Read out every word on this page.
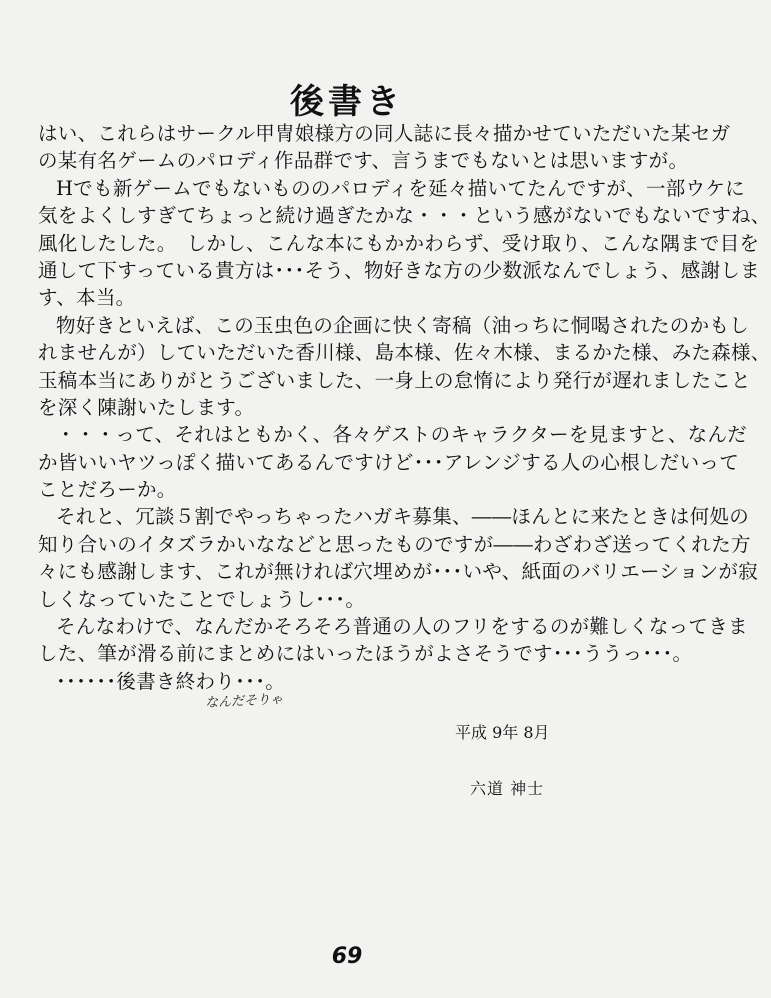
後書き
はい、これらはサークル甲冑娘様方の同人誌に長々描かせていただいた某セガ
の某有名ゲームのパロディ作品群です、言うまでもないとは思いますが。
Hでも新ゲームでもないもののパロディを延々描いてたんですが、一部ウケに
気をよくしすぎてちょっと続け過ぎたかな・・・という感がないでもないですね、
風化したした。　しかし、こんな本にもかかわらず、受け取り、こんな隅まで目を
通して下すっている貴方は･･･そう、物好きな方の少数派なんでしょう、感謝しま
す、本当。
物好きといえば、この玉虫色の企画に快く寄稿（油っちに恫喝されたのかもし
れませんが）していただいた香川様、島本様、佐々木様、まるかた様、みた森様、
玉稿本当にありがとうございました、一身上の怠惰により発行が遅れましたこと
を深く陳謝いたします。
・・・って、それはともかく、各々ゲストのキャラクターを見ますと、なんだ
か皆いいヤツっぽく描いてあるんですけど･･･アレンジする人の心根しだいって
ことだろーか。
それと、冗談５割でやっちゃったハガキ募集、――ほんとに来たときは何処の
知り合いのイタズラかいななどと思ったものですが――わざわざ送ってくれた方
々にも感謝します、これが無ければ穴埋めが･･･いや、紙面のバリエーションが寂
しくなっていたことでしょうし･･･。
そんなわけで、なんだかそろそろ普通の人のフリをするのが難しくなってきま
した、筆が滑る前にまとめにはいったほうがよさそうです･･･ううっ･･･。
･･････後書き終わり･･･。
なんだそりゃ
平成 9年 8月
六道 神士
69
